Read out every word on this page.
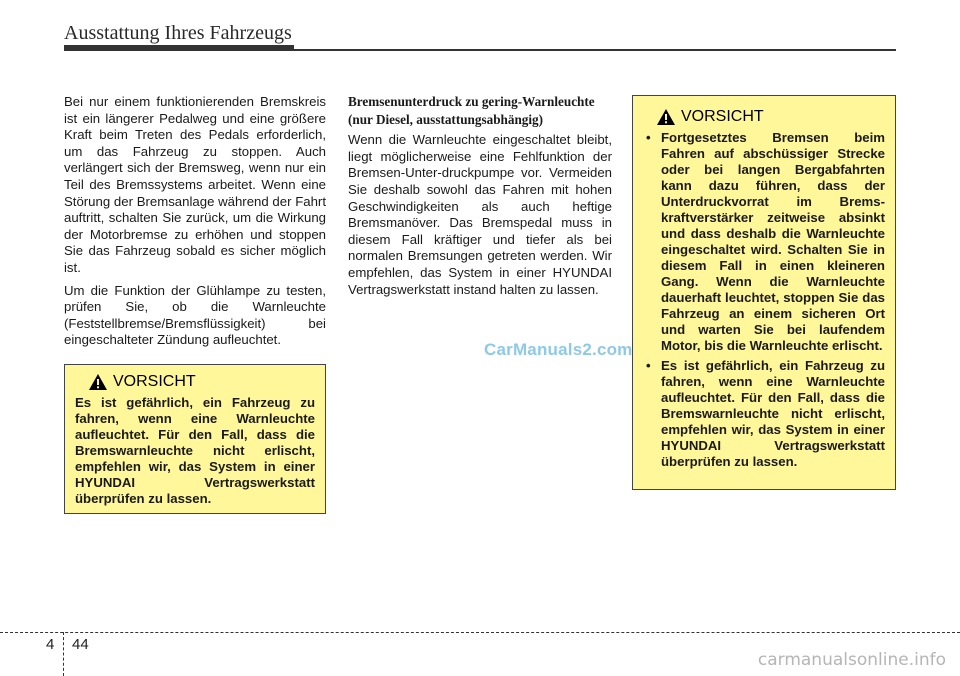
Ausstattung Ihres Fahrzeugs

Bei nur einem funktionierenden Bremskreis ist ein längerer Pedalweg und eine größere Kraft beim Treten des Pedals erforderlich, um das Fahrzeug zu stoppen. Auch verlängert sich der Bremsweg, wenn nur ein Teil des Bremssystems arbeitet. Wenn eine Störung der Bremsanlage während der Fahrt auftritt, schalten Sie zurück, um die Wirkung der Motorbremse zu erhöhen und stoppen Sie das Fahrzeug sobald es sicher möglich ist.

Um die Funktion der Glühlampe zu testen, prüfen Sie, ob die Warnleuchte (Feststellbremse/Bremsflüssigkeit) bei eingeschalteter Zündung aufleuchtet.

VORSICHT

Es ist gefährlich, ein Fahrzeug zu fahren, wenn eine Warnleuchte aufleuchtet. Für den Fall, dass die Bremswarnleuchte nicht erlischt, empfehlen wir, das System in einer HYUNDAI Vertragswerkstatt überprüfen zu lassen.

Bremsenunterdruck zu gering-Warnleuchte
(nur Diesel, ausstattungsabhängig)

Wenn die Warnleuchte eingeschaltet bleibt, liegt möglicherweise eine Fehlfunktion der Bremsen-Unter-druckpumpe vor. Vermeiden Sie deshalb sowohl das Fahren mit hohen Geschwindigkeiten als auch heftige Bremsmanöver. Das Bremspedal muss in diesem Fall kräftiger und tiefer als bei normalen Bremsungen getreten werden. Wir empfehlen, das System in einer HYUNDAI Vertragswerkstatt instand halten zu lassen.

CarManuals2.com
VORSICHT
• Fortgesetztes Bremsen beim Fahren auf abschüssiger Strecke oder bei langen Bergabfahrten kann dazu führen, dass der Unterdruckvorrat im Brems-kraftverstärker zeitweise absinkt und dass deshalb die Warnleuchte eingeschaltet wird. Schalten Sie in diesem Fall in einen kleineren Gang. Wenn die Warnleuchte dauerhaft leuchtet, stoppen Sie das Fahrzeug an einem sicheren Ort und warten Sie bei laufendem Motor, bis die Warnleuchte erlischt.
• Es ist gefährlich, ein Fahrzeug zu fahren, wenn eine Warnleuchte aufleuchtet. Für den Fall, dass die Bremswarnleuchte nicht erlischt, empfehlen wir, das System in einer HYUNDAI Vertragswerkstatt überprüfen zu lassen.
4 44
carmanualsonline.info
